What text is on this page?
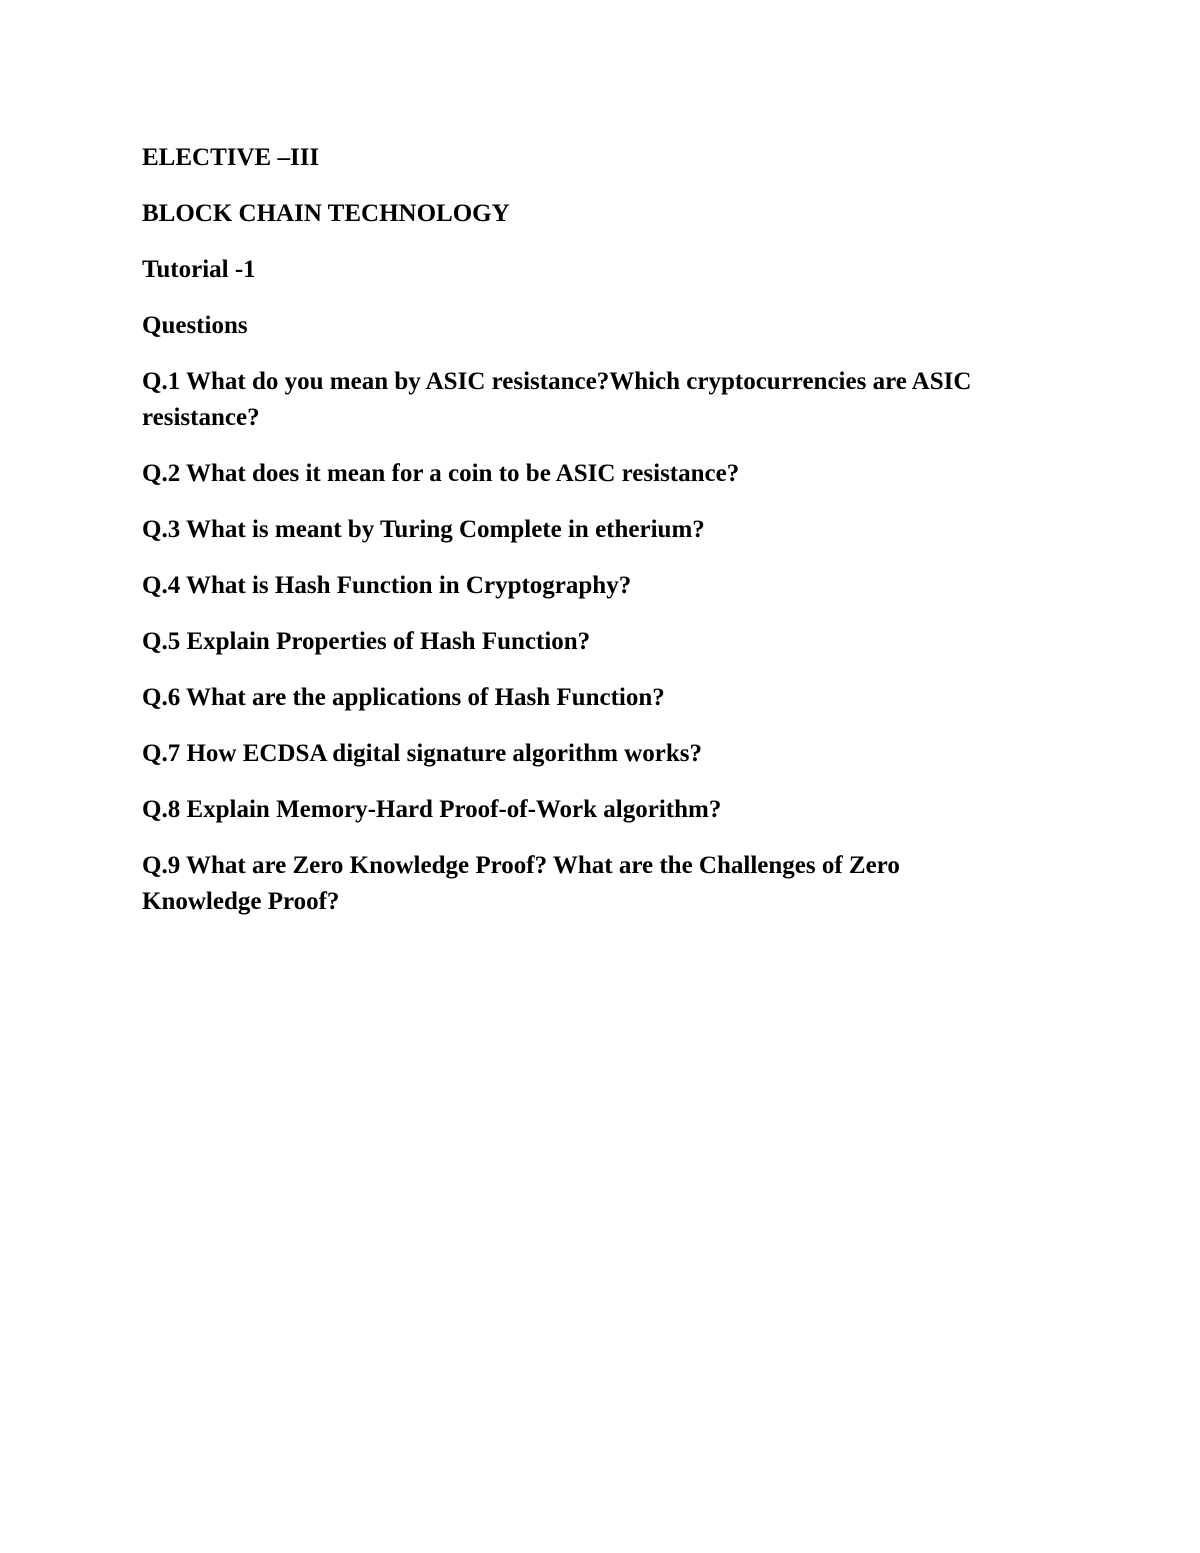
ELECTIVE –III

BLOCK CHAIN TECHNOLOGY

Tutorial -1

Questions

Q.1 What do you mean by ASIC resistance?Which cryptocurrencies are ASIC resistance?
Q.2 What does it mean for a coin to be ASIC resistance?
Q.3 What is meant by Turing Complete in etherium?
Q.4 What is Hash Function in Cryptography?
Q.5 Explain Properties of Hash Function?
Q.6 What are the applications of Hash Function?
Q.7 How ECDSA digital signature algorithm works?
Q.8 Explain Memory-Hard Proof-of-Work algorithm?
Q.9 What are Zero Knowledge Proof? What are the Challenges of Zero Knowledge Proof?
